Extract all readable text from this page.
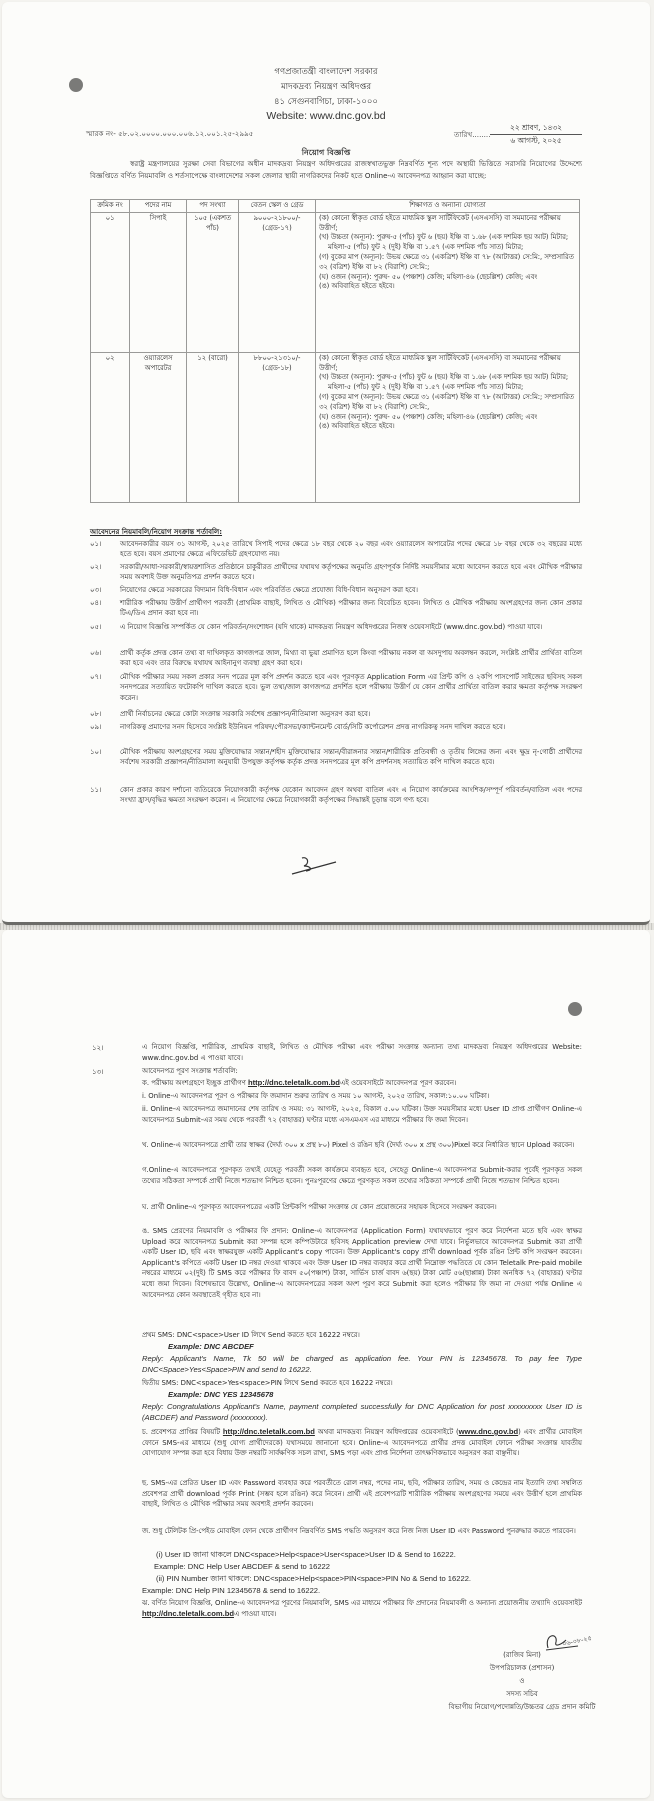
গণপ্রজাতন্ত্রী বাংলাদেশ সরকার
মাদকদ্রব্য নিয়ন্ত্রণ অধিদপ্তর
৪১ সেগুনবাগিচা, ঢাকা-১০০০
Website: www.dnc.gov.bd
স্মারক নং- ৫৮.০২.০০০০.০০০.০০৬.১২.০০১.২৫-২৯৯৫	তারিখ........
২২ শ্রাবণ, ১৪৩২
৬ আগস্ট, ২০২৫
নিয়োগ বিজ্ঞপ্তি
স্বরাষ্ট্র মন্ত্রণালয়ের সুরক্ষা সেবা বিভাগের অধীন মাদকদ্রব্য নিয়ন্ত্রণ অধিদপ্তরের রাজস্বখাতভুক্ত নিম্নবর্ণিত শূন্য পদে অস্থায়ী ভিত্তিতে সরাসরি নিয়োগের উদ্দেশ্যে বিজ্ঞপ্তিতে বর্ণিত নিয়মাবলি ও শর্তসাপেক্ষে বাংলাদেশের সকল জেলার স্থায়ী নাগরিকদের নিকট হতে Online-এ আবেদনপত্র আহ্বান করা যাচ্ছে:
ক্রমিক নং	পদের নাম	পদ সংখ্যা	বেতন স্কেল ও গ্রেড	শিক্ষাগত ও অন্যান্য যোগ্যতা
০১	সিপাই	১০৫ (একশত পাঁচ)	৯০০০-২১৮০০/- (গ্রেড-১৭)	
(ক) কোনো স্বীকৃত বোর্ড হইতে মাধ্যমিক স্কুল সার্টিফিকেট (এসএসসি) বা সমমানের পরীক্ষায় উত্তীর্ণ;
(খ) উচ্চতা (অন্যূন): পুরুষ-৫ (পাঁচ) ফুট ৬ (ছয়) ইঞ্চি বা ১.৬৮ (এক দশমিক ছয় আট) মিটার;
মহিলা-৫ (পাঁচ) ফুট ২ (দুই) ইঞ্চি বা ১.৫৭ (এক দশমিক পাঁচ সাত) মিটার;
(গ) বুকের মাপ (অন্যূন): উভয় ক্ষেত্রে ৩১ (একত্রিশ) ইঞ্চি বা ৭৮ (আটাত্তর) সে:মি:, সম্প্রসারিত ৩২ (বত্রিশ) ইঞ্চি বা ৮২ (বিরাশি) সে:মি:;
(ঘ) ওজন (অন্যূন): পুরুষ- ৫০ (পঞ্চাশ) কেজি; মহিলা-৪৬ (ছেচল্লিশ) কেজি; এবং
(ঙ) অবিবাহিত হইতে হইবে।

০২	ওয়্যারলেস অপারেটর	১২ (বারো)	৮৮০০-২১৩১০/- (গ্রেড-১৮)	
(ক) কোনো স্বীকৃত বোর্ড হইতে মাধ্যমিক স্কুল সার্টিফিকেট (এসএসসি) বা সমমানের পরীক্ষায় উত্তীর্ণ;
(খ) উচ্চতা (অন্যূন): পুরুষ-৫ (পাঁচ) ফুট ৬ (ছয়) ইঞ্চি বা ১.৬৮ (এক দশমিক ছয় আট) মিটার;
মহিলা-৫ (পাঁচ) ফুট ২ (দুই) ইঞ্চি বা ১.৫৭ (এক দশমিক পাঁচ সাত) মিটার;
(গ) বুকের মাপ (অন্যূন): উভয় ক্ষেত্রে ৩১ (একত্রিশ) ইঞ্চি বা ৭৮ (আটাত্তর) সে:মি:; সম্প্রসারিত ৩২ (বত্রিশ) ইঞ্চি বা ৮২ (বিরাশি) সে:মি:,
(ঘ) ওজন (অন্যূন): পুরুষ- ৫০ (পঞ্চাশ) কেজি; মহিলা-৪৬ (ছেচল্লিশ) কেজি; এবং
(ঙ) অবিবাহিত হইতে হইবে।
আবেদনের নিয়মাবলি/নিয়োগ সংক্রান্ত শর্তাবলি:
০১।	আবেদনকারীর বয়স ৩১ আগস্ট, ২০২৫ তারিখে সিপাই পদের ক্ষেত্রে ১৮ বছর থেকে ২০ বছর এবং ওয়্যারলেস অপারেটর পদের ক্ষেত্রে ১৮ বছর থেকে ৩২ বছরের মধ্যে হতে হবে। বয়স প্রমাণের ক্ষেত্রে এফিডেভিট গ্রহণযোগ্য নয়।
০২।	সরকারী/আধা-সরকারী/স্বায়ত্তশাসিত প্রতিষ্ঠানে চাকুরীরত প্রার্থীদের যথাযথ কর্তৃপক্ষের অনুমতি গ্রহণপূর্বক নির্দিষ্ট সময়সীমার মধ্যে আবেদন করতে হবে এবং মৌখিক পরীক্ষার সময় অবশ্যই উক্ত অনুমতিপত্র প্রদর্শন করতে হবে।
০৩।	নিয়োগের ক্ষেত্রে সরকারের বিদ্যমান বিধি-বিধান এবং পরিবর্তিত ক্ষেত্রে প্রযোজ্য বিধি-বিধান অনুসরণ করা হবে।
০৪।	শারীরিক পরীক্ষায় উত্তীর্ণ প্রার্থীগণ পরবর্তী (প্রাথমিক বাছাই, লিখিত ও মৌখিক) পরীক্ষার জন্য বিবেচিত হবেন। লিখিত ও মৌখিক পরীক্ষায় অংশগ্রহণের জন্য কোন প্রকার টিএ/ডিএ প্রদান করা হবে না।
০৫।	এ নিয়োগ বিজ্ঞপ্তি সম্পর্কিত যে কোন পরিবর্তন/সংশোধন (যদি থাকে) মাদকদ্রব্য নিয়ন্ত্রণ অধিদপ্তরের নিজস্ব ওয়েবসাইটে (www.dnc.gov.bd) পাওয়া যাবে।
০৬।	প্রার্থী কর্তৃক প্রদত্ত কোন তথ্য বা দাখিলকৃত কাগজপত্র জাল, মিথ্যা বা ভুয়া প্রমাণিত হলে কিংবা পরীক্ষায় নকল বা অসদুপায় অবলম্বন করলে, সংশ্লিষ্ট প্রার্থীর প্রার্থিতা বাতিল করা হবে এবং তার বিরুদ্ধে যথাযথ আইনানুগ ব্যবস্থা গ্রহণ করা হবে।
০৭।	মৌখিক পরীক্ষার সময় সকল প্রকার সনদ পত্রের মূল কপি প্রদর্শন করতে হবে এবং পূরণকৃত Application Form এর প্রিন্ট কপি ও ২কপি পাসপোর্ট সাইজের ছবিসহ সকল সনদপত্রের সত্যায়িত ফটোকপি দাখিল করতে হবে। ভুল তথ্য/জাল কাগজপত্র প্রদর্শিত হলে পরীক্ষায় উত্তীর্ণ যে কোন প্রার্থীর প্রার্থিতা বাতিল করার ক্ষমতা কর্তৃপক্ষ সংরক্ষণ করেন।
০৮।	প্রার্থী নির্বাচনের ক্ষেত্রে কোটা সংক্রান্ত সরকারি সর্বশেষ প্রজ্ঞাপন/নীতিমালা অনুসরণ করা হবে।
০৯।	নাগরিকত্ব প্রমাণের সনদ হিসেবে সংশ্লিষ্ট ইউনিয়ন পরিষদ/পৌরসভা/ক্যান্টনমেন্ট বোর্ড/সিটি কর্পোরেশন প্রদত্ত নাগরিকত্ব সনদ দাখিল করতে হবে।
১০।	মৌখিক পরীক্ষায় অংশগ্রহণের সময় মুক্তিযোদ্ধার সন্তান/শহীদ মুক্তিযোদ্ধার সন্তান/বীরাঙ্গনার সন্তান/শারীরিক প্রতিবন্ধী ও তৃতীয় লিঙ্গের জন্য এবং ক্ষুদ্র নৃ-গোষ্ঠী প্রার্থীদের সর্বশেষ সরকারী প্রজ্ঞাপন/নীতিমালা অনুযায়ী উপযুক্ত কর্তৃপক্ষ কর্তৃক প্রদত্ত সনদপত্রের মূল কপি প্রদর্শনসহ সত্যায়িত কপি দাখিল করতে হবে।
১১।	কোন প্রকার কারণ দর্শানো ব্যতিরেকে নিয়োগকারী কর্তৃপক্ষ যেকোন আবেদন গ্রহণ অথবা বাতিল এবং এ নিয়োগ কার্যক্রমের আংশিক/সম্পূর্ণ পরিবর্তন/বাতিল এবং পদের সংখ্যা হ্রাস/বৃদ্ধির ক্ষমতা সংরক্ষণ করেন। এ নিয়োগের ক্ষেত্রে নিয়োগকারী কর্তৃপক্ষের সিদ্ধান্তই চূড়ান্ত বলে গণ্য হবে।
১২।	এ নিয়োগ বিজ্ঞপ্তি, শারীরিক, প্রাথমিক বাছাই, লিখিত ও মৌখিক পরীক্ষা এবং পরীক্ষা সংক্রান্ত অন্যান্য তথ্য মাদকদ্রব্য নিয়ন্ত্রণ অধিদপ্তরের Website: www.dnc.gov.bd এ পাওয়া যাবে।
১৩।	আবেদনপত্র পূরণ সংক্রান্ত শর্তাবলি:
ক. পরীক্ষায় অংশগ্রহণে ইচ্ছুক প্রার্থীগণ http://dnc.teletalk.com.bdএই ওয়েবসাইটে আবেদনপত্র পূরণ করবেন।
i. Online-এ আবেদনপত্র পূরণ ও পরীক্ষার ফি জমাদান শুরুর তারিখ ও সময় ১০ আগস্ট, ২০২৫ তারিখ, সকাল:১০.০০ ঘটিকা।
ii. Online-এ আবেদনপত্র জমাদানের শেষ তারিখ ও সময়: ৩১ আগস্ট, ২০২৫, বিকাল ৫.০০ ঘটিকা। উক্ত সময়সীমার মধ্যে User ID প্রাপ্ত প্রার্থীগণ Online-এ আবেদনপত্র Submit-এর সময় থেকে পরবর্তী ৭২ (বাহাত্তর) ঘণ্টার মধ্যে এসএমএস এর মাধ্যমে পরীক্ষার ফি জমা দিবেন।
খ. Online-এ আবেদনপত্রে প্রার্থী তার স্বাক্ষর (দৈর্ঘ্য ৩০০ x প্রস্থ ৮০) Pixel ও রঙিন ছবি (দৈর্ঘ্য ৩০০ x প্রস্থ ৩০০)Pixel করে নির্ধারিত স্থানে Upload করবেন।
গ.Online-এ আবেদনপত্রে পূরণকৃত তথ্যই যেহেতু পরবর্তী সকল কার্যক্রমে ব্যবহৃত হবে, সেহেতু Online-এ আবেদনপত্র Submit-করার পূর্বেই পূরণকৃত সকল তথ্যের সঠিকতা সম্পর্কে প্রার্থী নিজে শতভাগ নিশ্চিত হবেন। পুনঃপূরণের ক্ষেত্রে পূরণকৃত সকল তথ্যের সঠিকতা সম্পর্কে প্রার্থী নিজে শতভাগ নিশ্চিত হবেন।
ঘ. প্রার্থী Online-এ পূরণকৃত আবেদনপত্রের একটি প্রিন্টকপি পরীক্ষা সংক্রান্ত যে কোন প্রয়োজনের সহায়ক হিসেবে সংরক্ষণ করবেন।
ঙ. SMS প্রেরণের নিয়মাবলি ও পরীক্ষার ফি প্রদান: Online-এ আবেদনপত্র (Application Form) যথাযথভাবে পূরণ করে নির্দেশনা মতে ছবি এবং স্বাক্ষর Upload করে আবেদনপত্র Submit করা সম্পন্ন হলে কম্পিউটারে ছবিসহ Application preview দেখা যাবে। নির্ভুলভাবে আবেদনপত্র Submit করা প্রার্থী একটি User ID, ছবি এবং স্বাক্ষরযুক্ত একটি Applicant's copy পাবেন। উক্ত Applicant's copy প্রার্থী download পূর্বক রঙিন প্রিন্ট কপি সংরক্ষণ করবেন। Applicant's কপিতে একটি User ID নম্বর দেওয়া থাকবে এবং উক্ত User ID নম্বর ব্যবহার করে প্রার্থী নিম্নোক্ত পদ্ধতিতে যে কোন Teletalk Pre-paid mobile নম্বরের মাধ্যমে ০২(দুই) টি SMS করে পরীক্ষার ফি বাবদ ৫০(পঞ্চাশ) টাকা, সার্ভিস চার্জ বাবদ ৬(ছয়) টাকা মোট ৫৬(ছাপ্পান্ন) টাকা অনধিক ৭২ (বাহাত্তর) ঘণ্টার মধ্যে জমা দিবেন। বিশেষভাবে উল্লেখ্য, Online-এ আবেদনপত্রের সকল অংশ পূরণ করে Submit করা হলেও পরীক্ষার ফি জমা না দেওয়া পর্যন্ত Online এ আবেদনপত্র কোন অবস্থাতেই গৃহীত হবে না।
প্রথম SMS: DNC<space>User ID লিখে Send করতে হবে 16222 নম্বরে।
Example: DNC ABCDEF
Reply: Applicant's Name, Tk 50 will be charged as application fee. Your PIN is 12345678. To pay fee Type DNC<Space>Yes<Space>PIN and send to 16222.
দ্বিতীয় SMS: DNC<space>Yes<space>PIN লিখে Send করতে হবে 16222 নম্বরে।
Example: DNC YES 12345678
Reply: Congratulations Applicant's Name, payment completed successfully for DNC Application for post xxxxxxxxx User ID is (ABCDEF) and Password (xxxxxxxx).
চ. প্রবেশপত্র প্রাপ্তির বিষয়টি http://dnc.teletalk.com.bd অথবা মাদকদ্রব্য নিয়ন্ত্রণ অধিদপ্তরের ওয়েবসাইটে (www.dnc.gov.bd) এবং প্রার্থীর মোবাইল ফোনে SMS-এর মাধ্যমে (শুধু যোগ্য প্রার্থীদেরকে) যথাসময়ে জানানো হবে। Online-এ আবেদনপত্রে প্রার্থীর প্রদত্ত মোবাইল ফোনে পরীক্ষা সংক্রান্ত যাবতীয় যোগাযোগ সম্পন্ন করা হবে বিধায় উক্ত নম্বরটি সার্বক্ষণিক সচল রাখা, SMS পড়া এবং প্রাপ্ত নির্দেশনা তাৎক্ষণিকভাবে অনুসরণ করা বাঞ্ছনীয়।
ছ. SMS-এর প্রেরিত User ID এবং Password ব্যবহার করে পরবর্তীতে রোল নম্বর, পদের নাম, ছবি, পরীক্ষার তারিখ, সময় ও কেন্দ্রের নাম ইত্যাদি তথ্য সম্বলিত প্রবেশপত্র প্রার্থী download পূর্বক Print (সম্ভব হলে রঙিন) করে নিবেন। প্রার্থী এই প্রবেশপত্রটি শারীরিক পরীক্ষায় অংশগ্রহণের সময়ে এবং উত্তীর্ণ হলে প্রাথমিক বাছাই, লিখিত ও মৌখিক পরীক্ষার সময় অবশ্যই প্রদর্শন করবেন।
জ. শুধু টেলিটক প্রি-পেইড মোবাইল ফোন থেকে প্রার্থীগণ নিম্নবর্ণিত SMS পদ্ধতি অনুসরণ করে নিজ নিজ User ID এবং Password পুনরুদ্ধার করতে পারবেন।
(i) User ID জানা থাকলে DNC<space>Help<space>User<space>User ID & Send to 16222.
Example: DNC Help User ABCDEF & send to 16222
(ii) PIN Number জানা থাকলে: DNC<space>Help<space>PIN<space>PIN No & Send to 16222.
Example: DNC Help PIN 12345678 & send to 16222.
ঝ. বর্ণিত নিয়োগ বিজ্ঞপ্তি, Online-এ আবেদনপত্র পূরণের নিয়মাবলি, SMS এর মাধ্যমে পরীক্ষার ফি প্রদানের নিয়মাবলী ও অন্যান্য প্রয়োজনীয় তথ্যাদি ওয়েবসাইট http://dnc.teletalk.com.bdএ পাওয়া যাবে।
০৬-০৮-২৫
(রাজিব মিনা)
উপপরিচালক (প্রশাসন)
ও
সদস্য সচিব
বিভাগীয় নিয়োগ/পদোন্নতি/উচ্চতর গ্রেড প্রদান কমিটি
